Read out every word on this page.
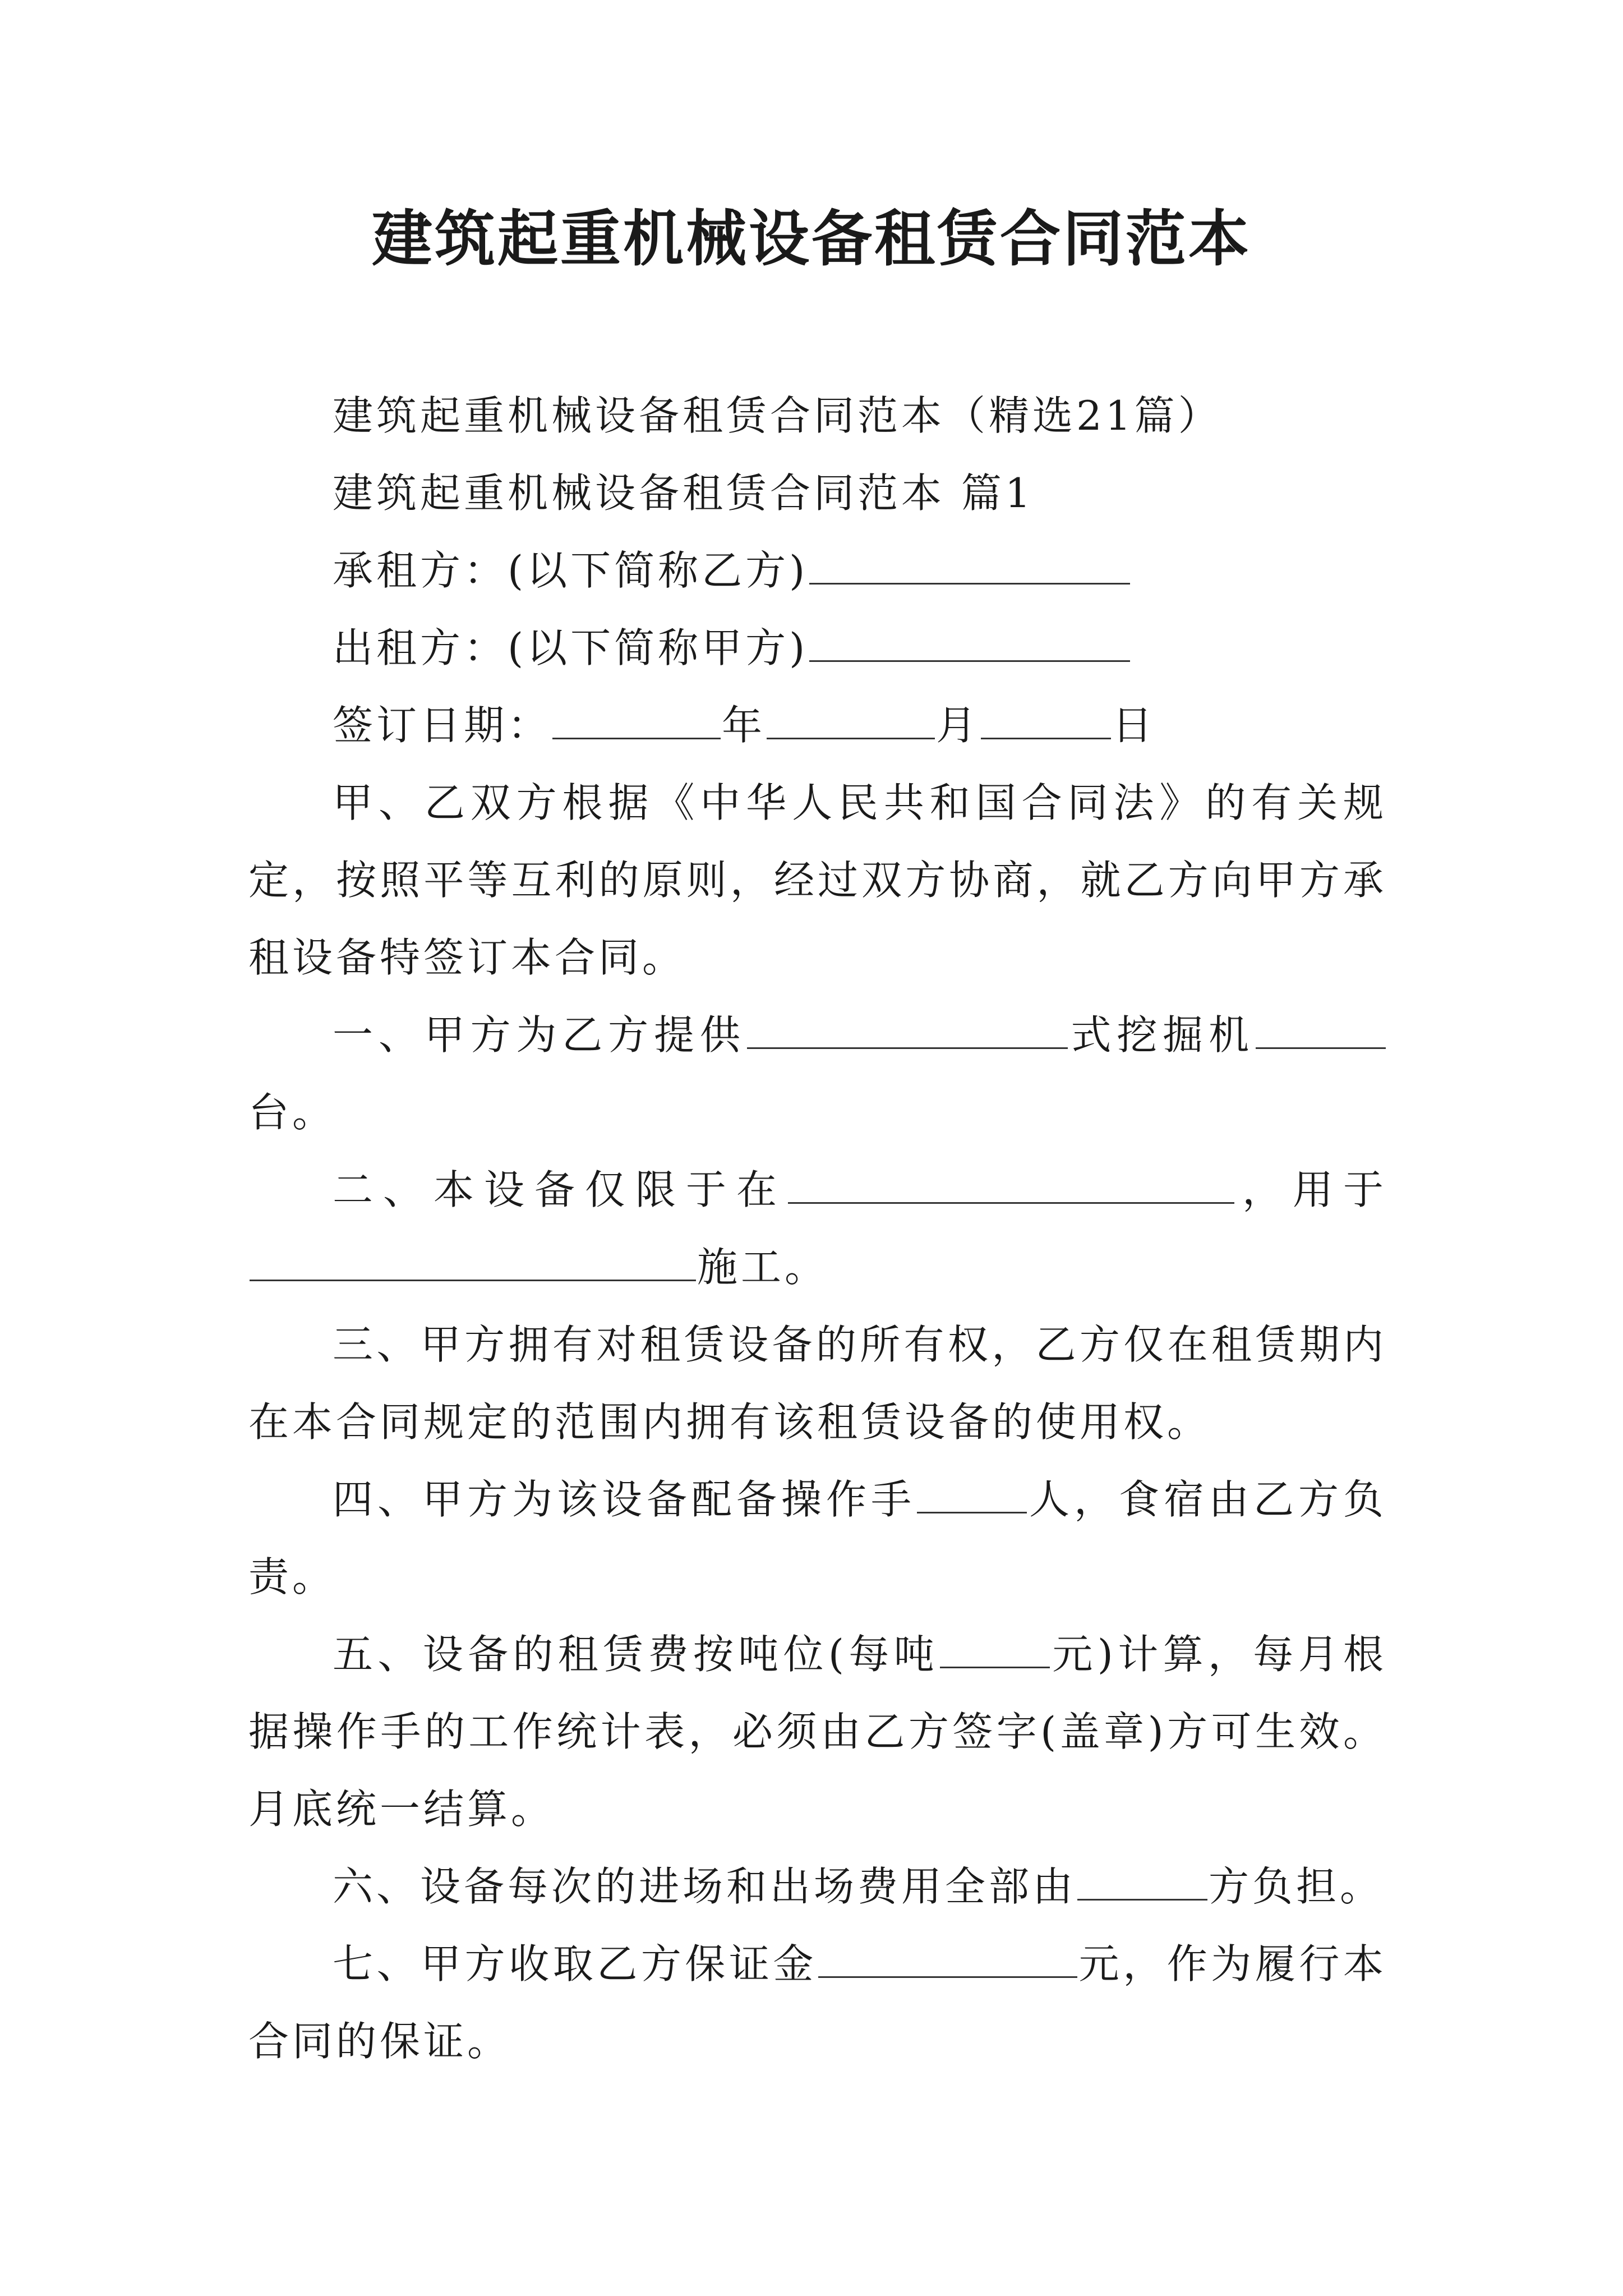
建筑起重机械设备租赁合同范本

建筑起重机械设备租赁合同范本（精选21篇）

建筑起重机械设备租赁合同范本 篇1

承租方：(以下简称乙方)

出租方：(以下简称甲方)

签订日期：	年	月	日

甲、乙双方根据《中华人民共和国合同法》的有关规定，按照平等互利的原则，经过双方协商，就乙方向甲方承租设备特签订本合同。

一、甲方为乙方提供	式挖掘机台。

二、本设备仅限于在	，用于施工。

三、甲方拥有对租赁设备的所有权，乙方仅在租赁期内在本合同规定的范围内拥有该租赁设备的使用权。

四、甲方为该设备配备操作手	人，食宿由乙方负责。

五、设备的租赁费按吨位(每吨	元)计算，每月根据操作手的工作统计表，必须由乙方签字(盖章)方可生效。月底统一结算。

六、设备每次的进场和出场费用全部由	方负担。

七、甲方收取乙方保证金	元，作为履行本合同的保证。
